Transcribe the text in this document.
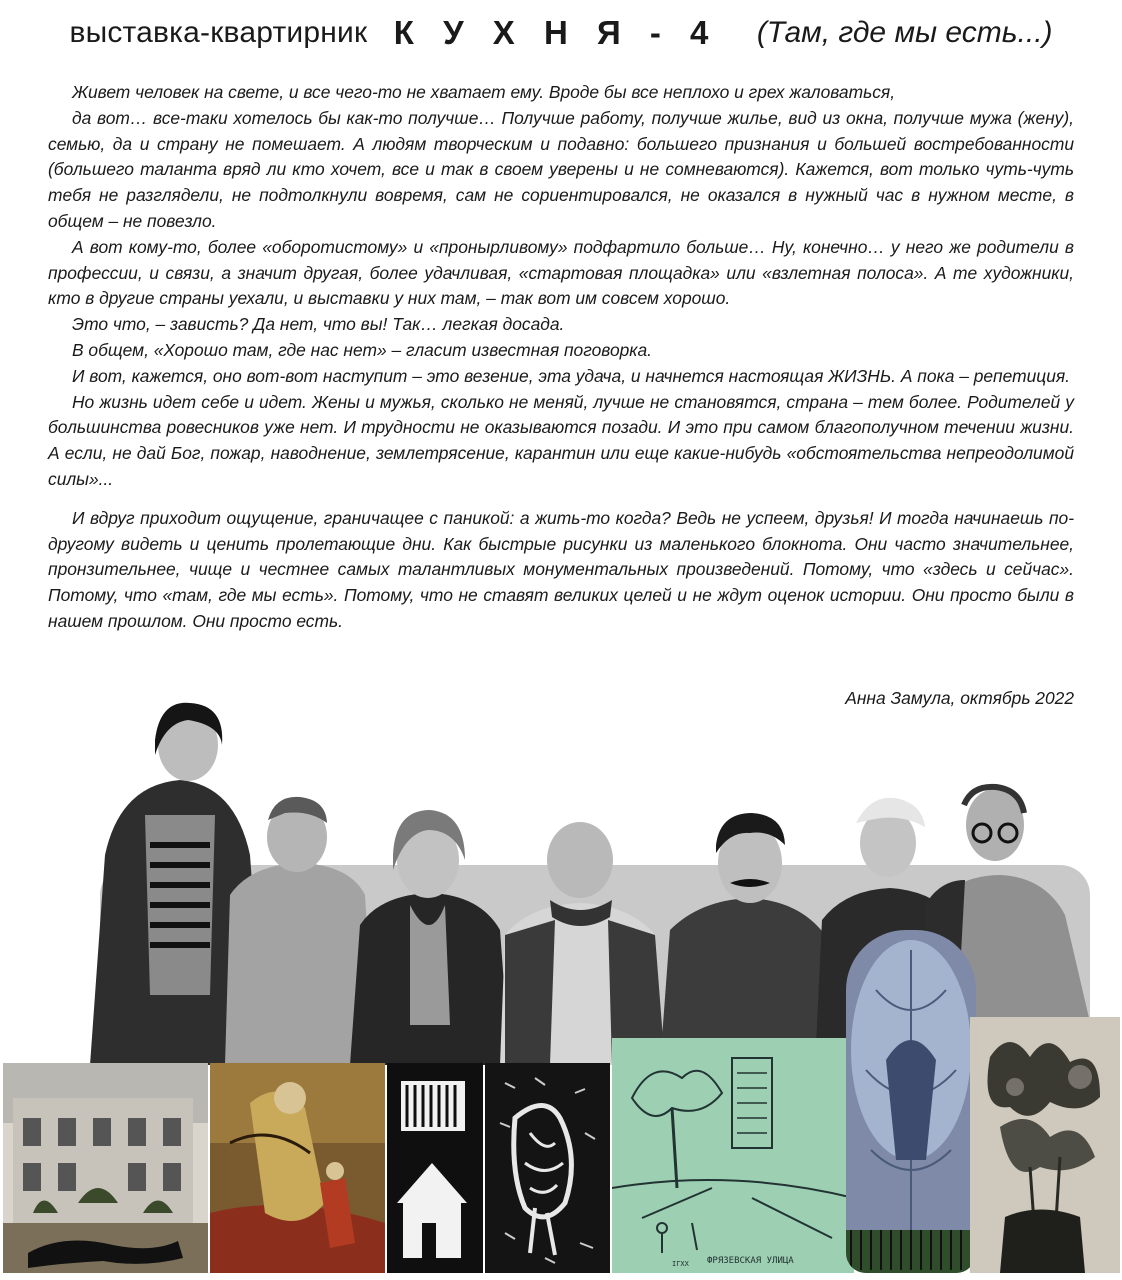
выставка-квартирник К У Х Н Я - 4 (Там, где мы есть...)

Живет человек на свете, и все чего-то не хватает ему. Вроде бы все неплохо и грех жаловаться,

да вот… все-таки хотелось бы как-то получше… Получше работу, получше жилье, вид из окна, получше мужа (жену), семью, да и страну не помешает. А людям творческим и подавно: большего признания и большей востребованности (большего таланта вряд ли кто хочет, все и так в своем уверены и не сомневаются). Кажется, вот только чуть-чуть тебя не разглядели, не подтолкнули вовремя, сам не сориентировался, не оказался в нужный час в нужном месте, в общем – не повезло.

А вот кому-то, более «оборотистому» и «пронырливому» подфартило больше… Ну, конечно… у него же родители в профессии, и связи, а значит другая, более удачливая, «стартовая площадка» или «взлетная полоса». А те художники, кто в другие страны уехали, и выставки у них там, – так вот им совсем хорошо.

Это что, – зависть? Да нет, что вы! Так… легкая досада.

В общем, «Хорошо там, где нас нет» – гласит известная поговорка.

И вот, кажется, оно вот-вот наступит – это везение, эта удача, и начнется настоящая ЖИЗНЬ. А пока – репетиция.

Но жизнь идет себе и идет. Жены и мужья, сколько не меняй, лучше не становятся, страна – тем более. Родителей у большинства ровесников уже нет. И трудности не оказываются позади. И это при самом благополучном течении жизни. А если, не дай Бог, пожар, наводнение, землетрясение, карантин или еще какие-нибудь «обстоятельства непреодолимой силы»...

И вдруг приходит ощущение, граничащее с паникой: а жить-то когда? Ведь не успеем, друзья! И тогда начинаешь по-другому видеть и ценить пролетающие дни. Как быстрые рисунки из маленького блокнота. Они часто значительнее, пронзительнее, чище и честнее самых талантливых монументальных произведений. Потому, что «здесь и сейчас». Потому, что «там, где мы есть». Потому, что не ставят великих целей и не ждут оценок истории. Они просто были в нашем прошлом. Они просто есть.

Анна Замула, октябрь 2022
ФРЯЗЕВСКАЯ УЛИЦА
IГXX
